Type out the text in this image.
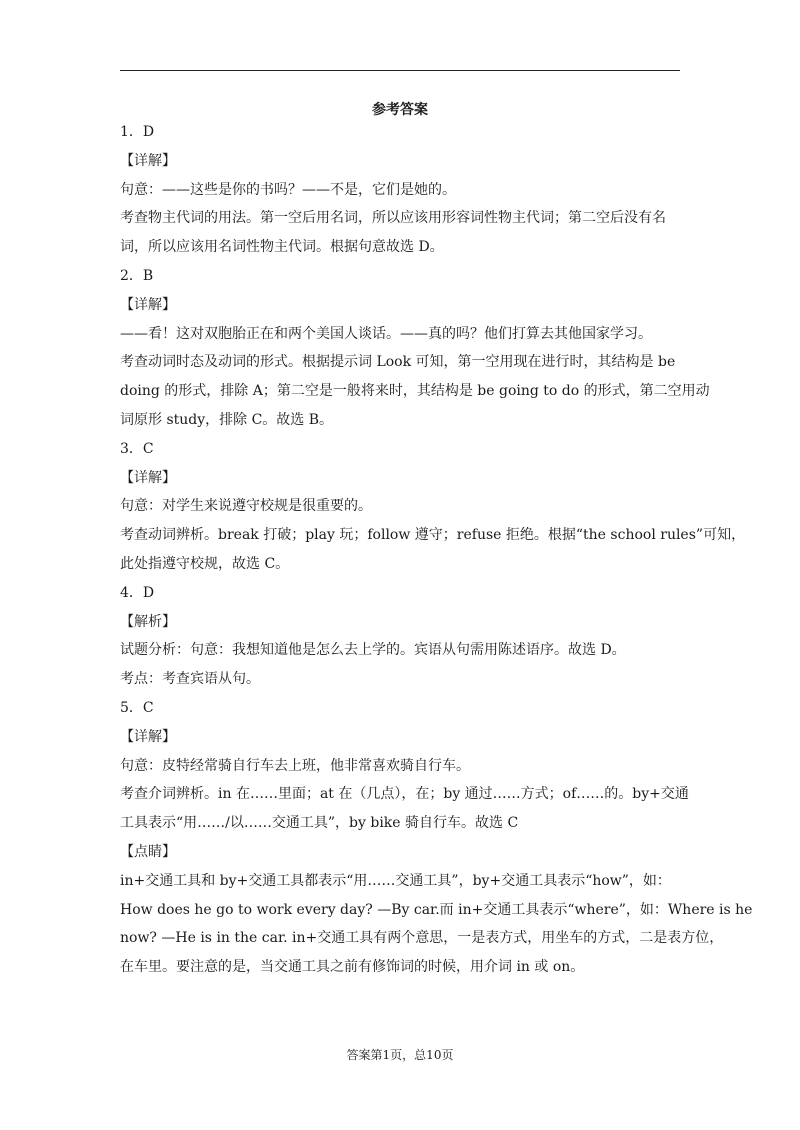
参考答案

1．D

【详解】

句意：——这些是你的书吗？——不是，它们是她的。

考查物主代词的用法。第一空后用名词，所以应该用形容词性物主代词；第二空后没有名

词，所以应该用名词性物主代词。根据句意故选 D。

2．B

【详解】

——看！这对双胞胎正在和两个美国人谈话。——真的吗？他们打算去其他国家学习。

考查动词时态及动词的形式。根据提示词 Look 可知，第一空用现在进行时，其结构是 be

doing 的形式，排除 A；第二空是一般将来时，其结构是 be going to do 的形式，第二空用动

词原形 study，排除 C。故选 B。

3．C

【详解】

句意：对学生来说遵守校规是很重要的。

考查动词辨析。break 打破；play 玩；follow 遵守；refuse 拒绝。根据“the school rules”可知，

此处指遵守校规，故选 C。

4．D

【解析】

试题分析：句意：我想知道他是怎么去上学的。宾语从句需用陈述语序。故选 D。

考点：考查宾语从句。

5．C

【详解】

句意：皮特经常骑自行车去上班，他非常喜欢骑自行车。

考查介词辨析。in 在……里面；at 在（几点），在；by 通过……方式；of……的。by+交通

工具表示“用……/以……交通工具”，by bike 骑自行车。故选 C

【点睛】

in+交通工具和 by+交通工具都表示“用……交通工具”，by+交通工具表示“how”，如：

How does he go to work every day? —By car.而 in+交通工具表示“where”，如：Where is he

now? —He is in the car. in+交通工具有两个意思，一是表方式，用坐车的方式，二是表方位，

在车里。要注意的是，当交通工具之前有修饰词的时候，用介词 in 或 on。

答案第1页，总10页
